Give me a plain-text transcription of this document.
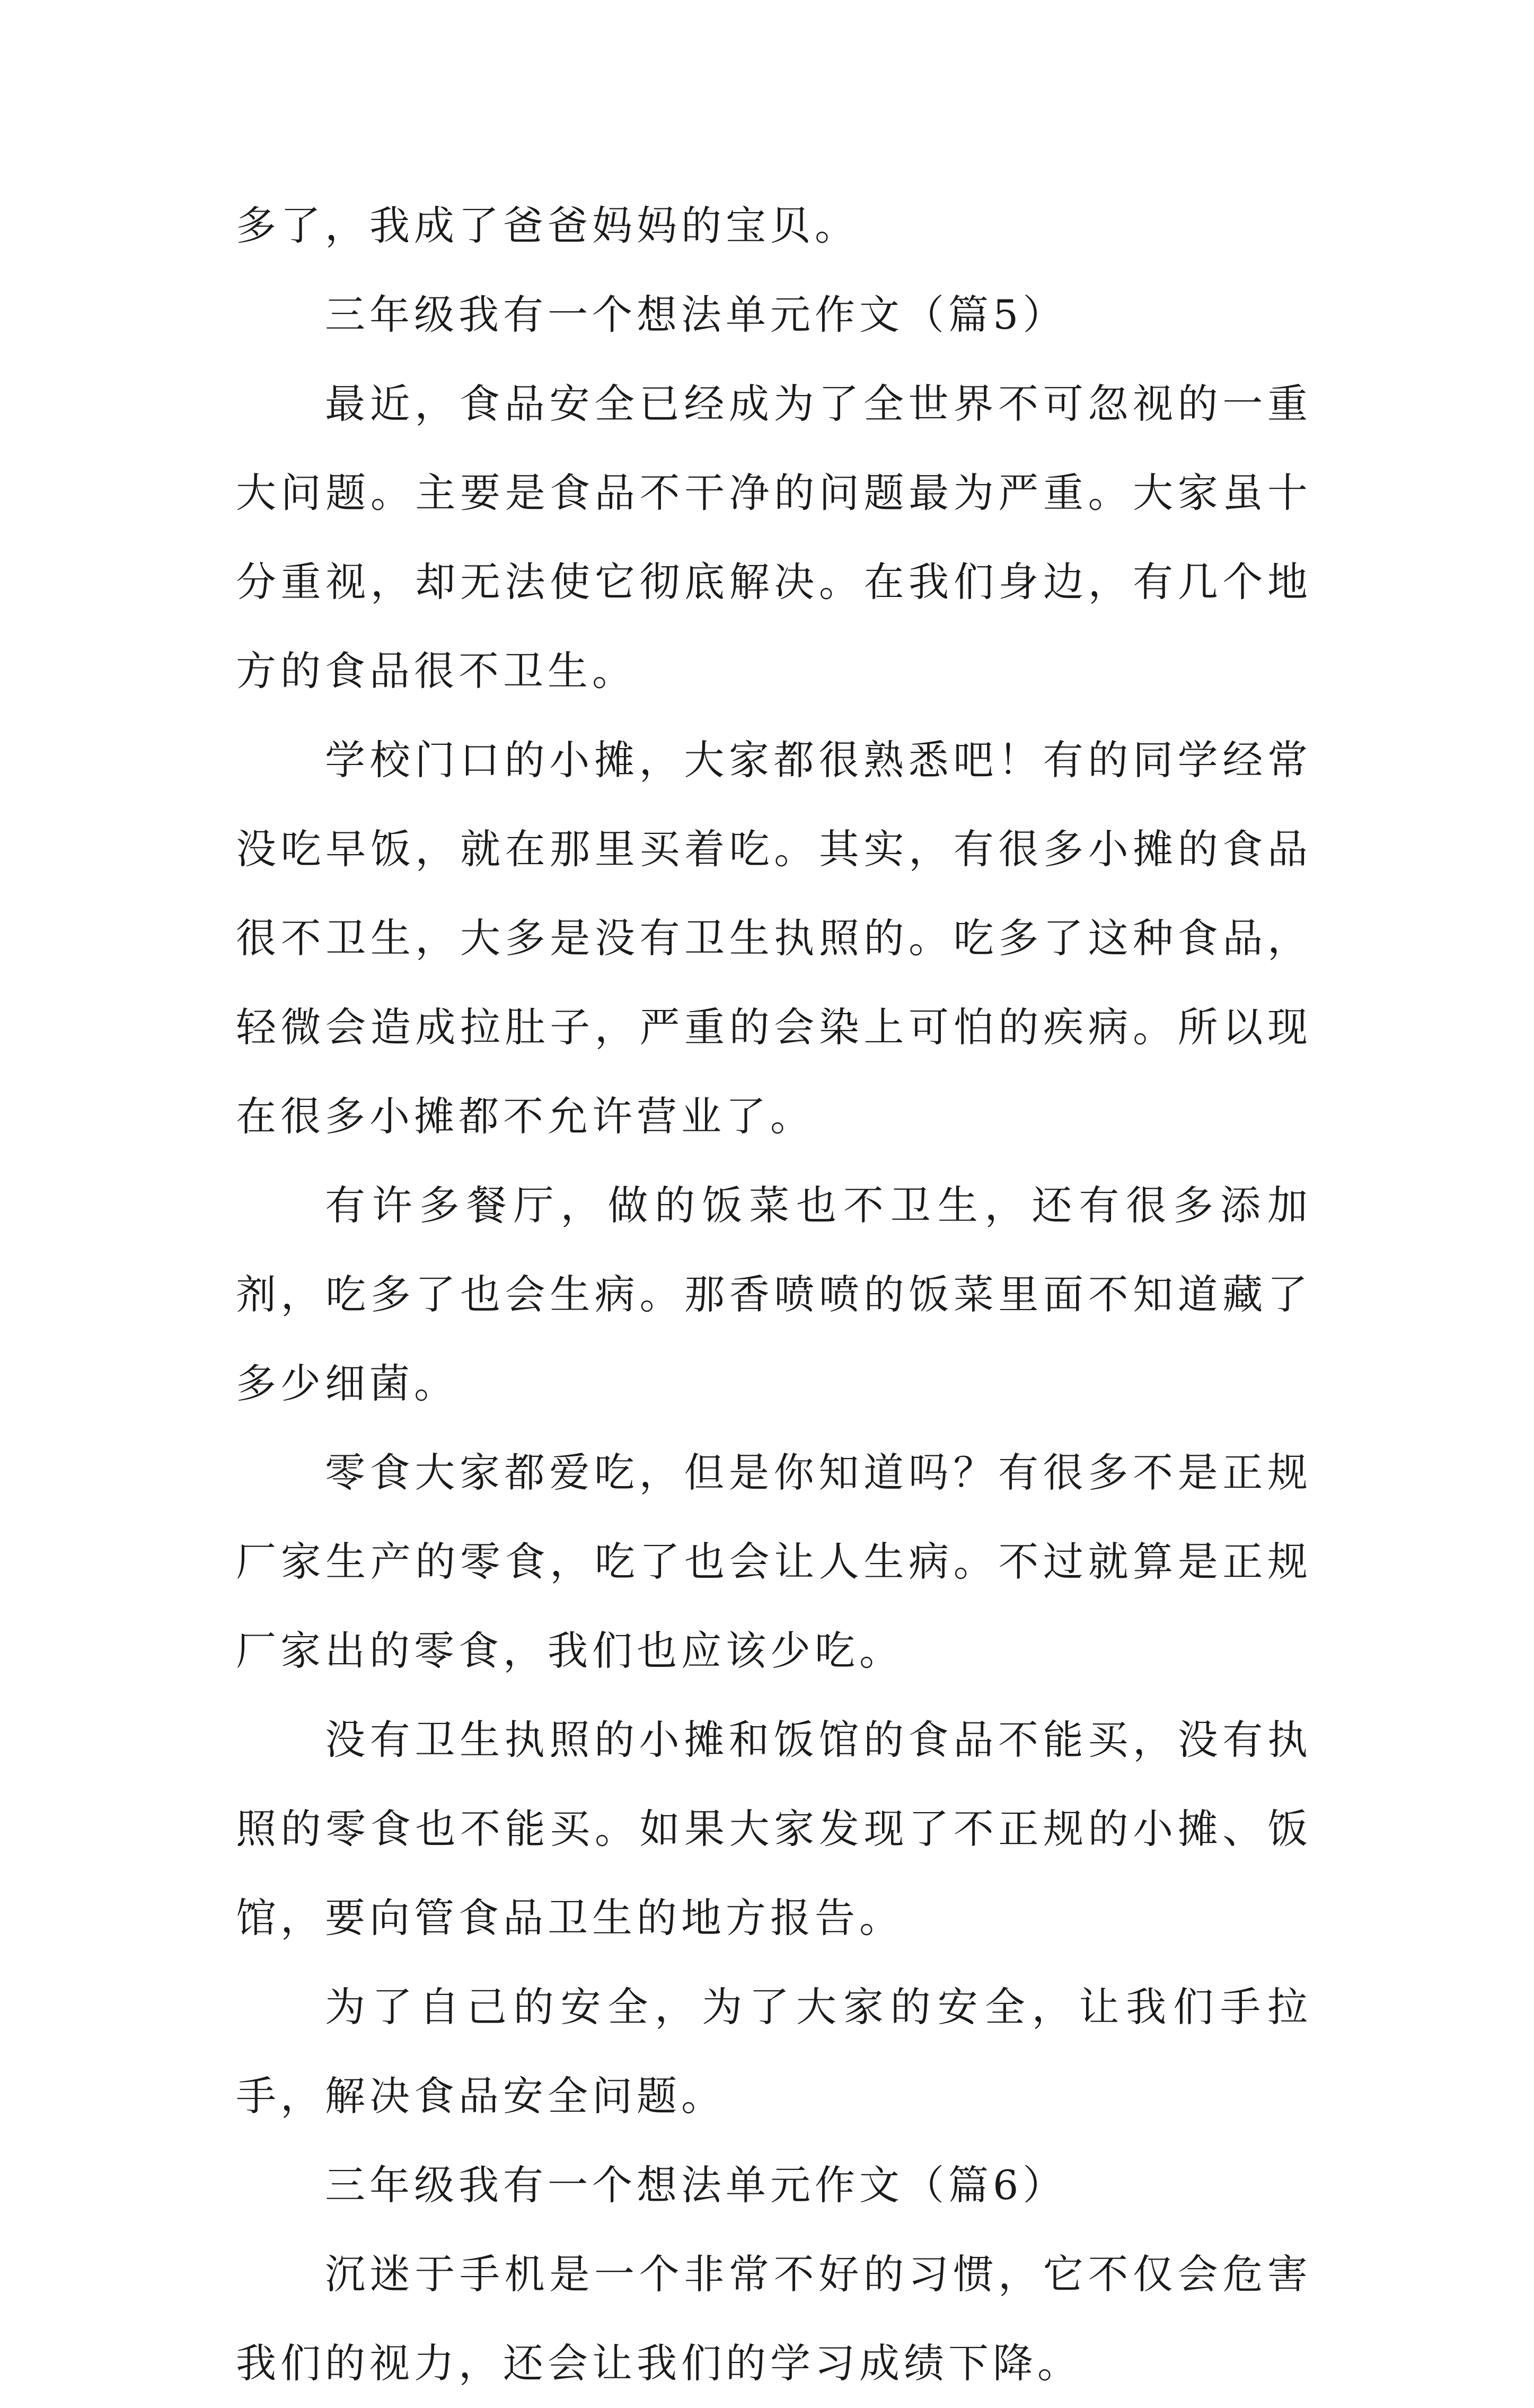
多了，我成了爸爸妈妈的宝贝。

三年级我有一个想法单元作文（篇5）

最近，食品安全已经成为了全世界不可忽视的一重大问题。主要是食品不干净的问题最为严重。大家虽十分重视，却无法使它彻底解决。在我们身边，有几个地方的食品很不卫生。

学校门口的小摊，大家都很熟悉吧！有的同学经常没吃早饭，就在那里买着吃。其实，有很多小摊的食品很不卫生，大多是没有卫生执照的。吃多了这种食品，轻微会造成拉肚子，严重的会染上可怕的疾病。所以现在很多小摊都不允许营业了。

有许多餐厅，做的饭菜也不卫生，还有很多添加剂，吃多了也会生病。那香喷喷的饭菜里面不知道藏了多少细菌。

零食大家都爱吃，但是你知道吗？有很多不是正规厂家生产的零食，吃了也会让人生病。不过就算是正规厂家出的零食，我们也应该少吃。

没有卫生执照的小摊和饭馆的食品不能买，没有执照的零食也不能买。如果大家发现了不正规的小摊、饭馆，要向管食品卫生的地方报告。

为了自己的安全，为了大家的安全，让我们手拉手，解决食品安全问题。

三年级我有一个想法单元作文（篇6）

沉迷于手机是一个非常不好的习惯，它不仅会危害我们的视力，还会让我们的学习成绩下降。
